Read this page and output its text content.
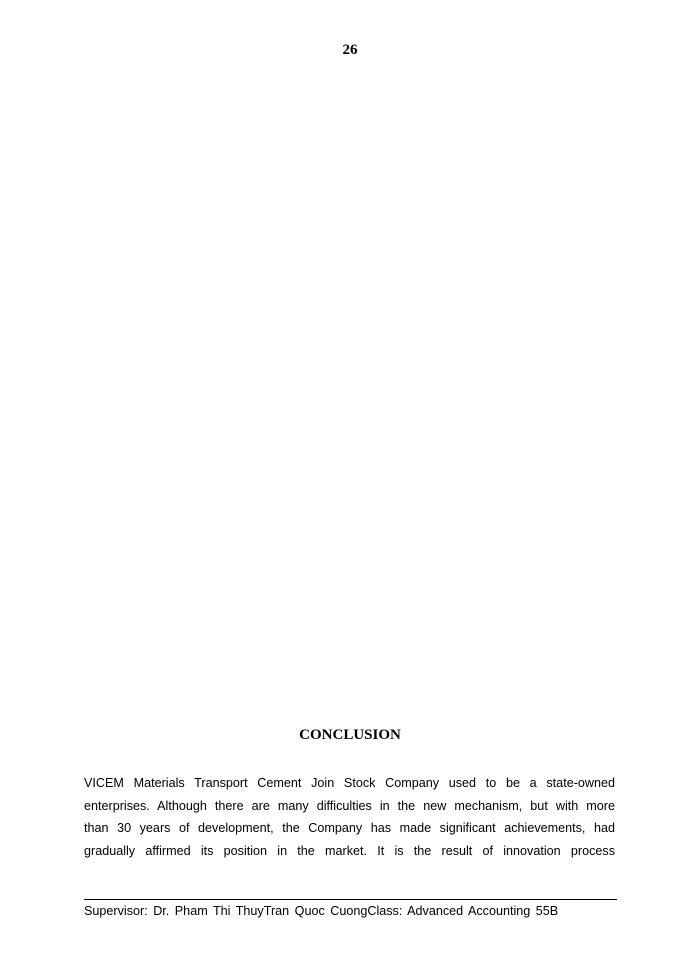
26
CONCLUSION
VICEM Materials Transport Cement Join Stock Company used to be a state-owned
enterprises. Although there are many difficulties in the new mechanism, but with more
than 30 years of development, the Company has made significant achievements, had
gradually affirmed its position in the market. It is the result of innovation process
Supervisor: Dr. Pham Thi ThuyTran Quoc CuongClass: Advanced Accounting 55B
